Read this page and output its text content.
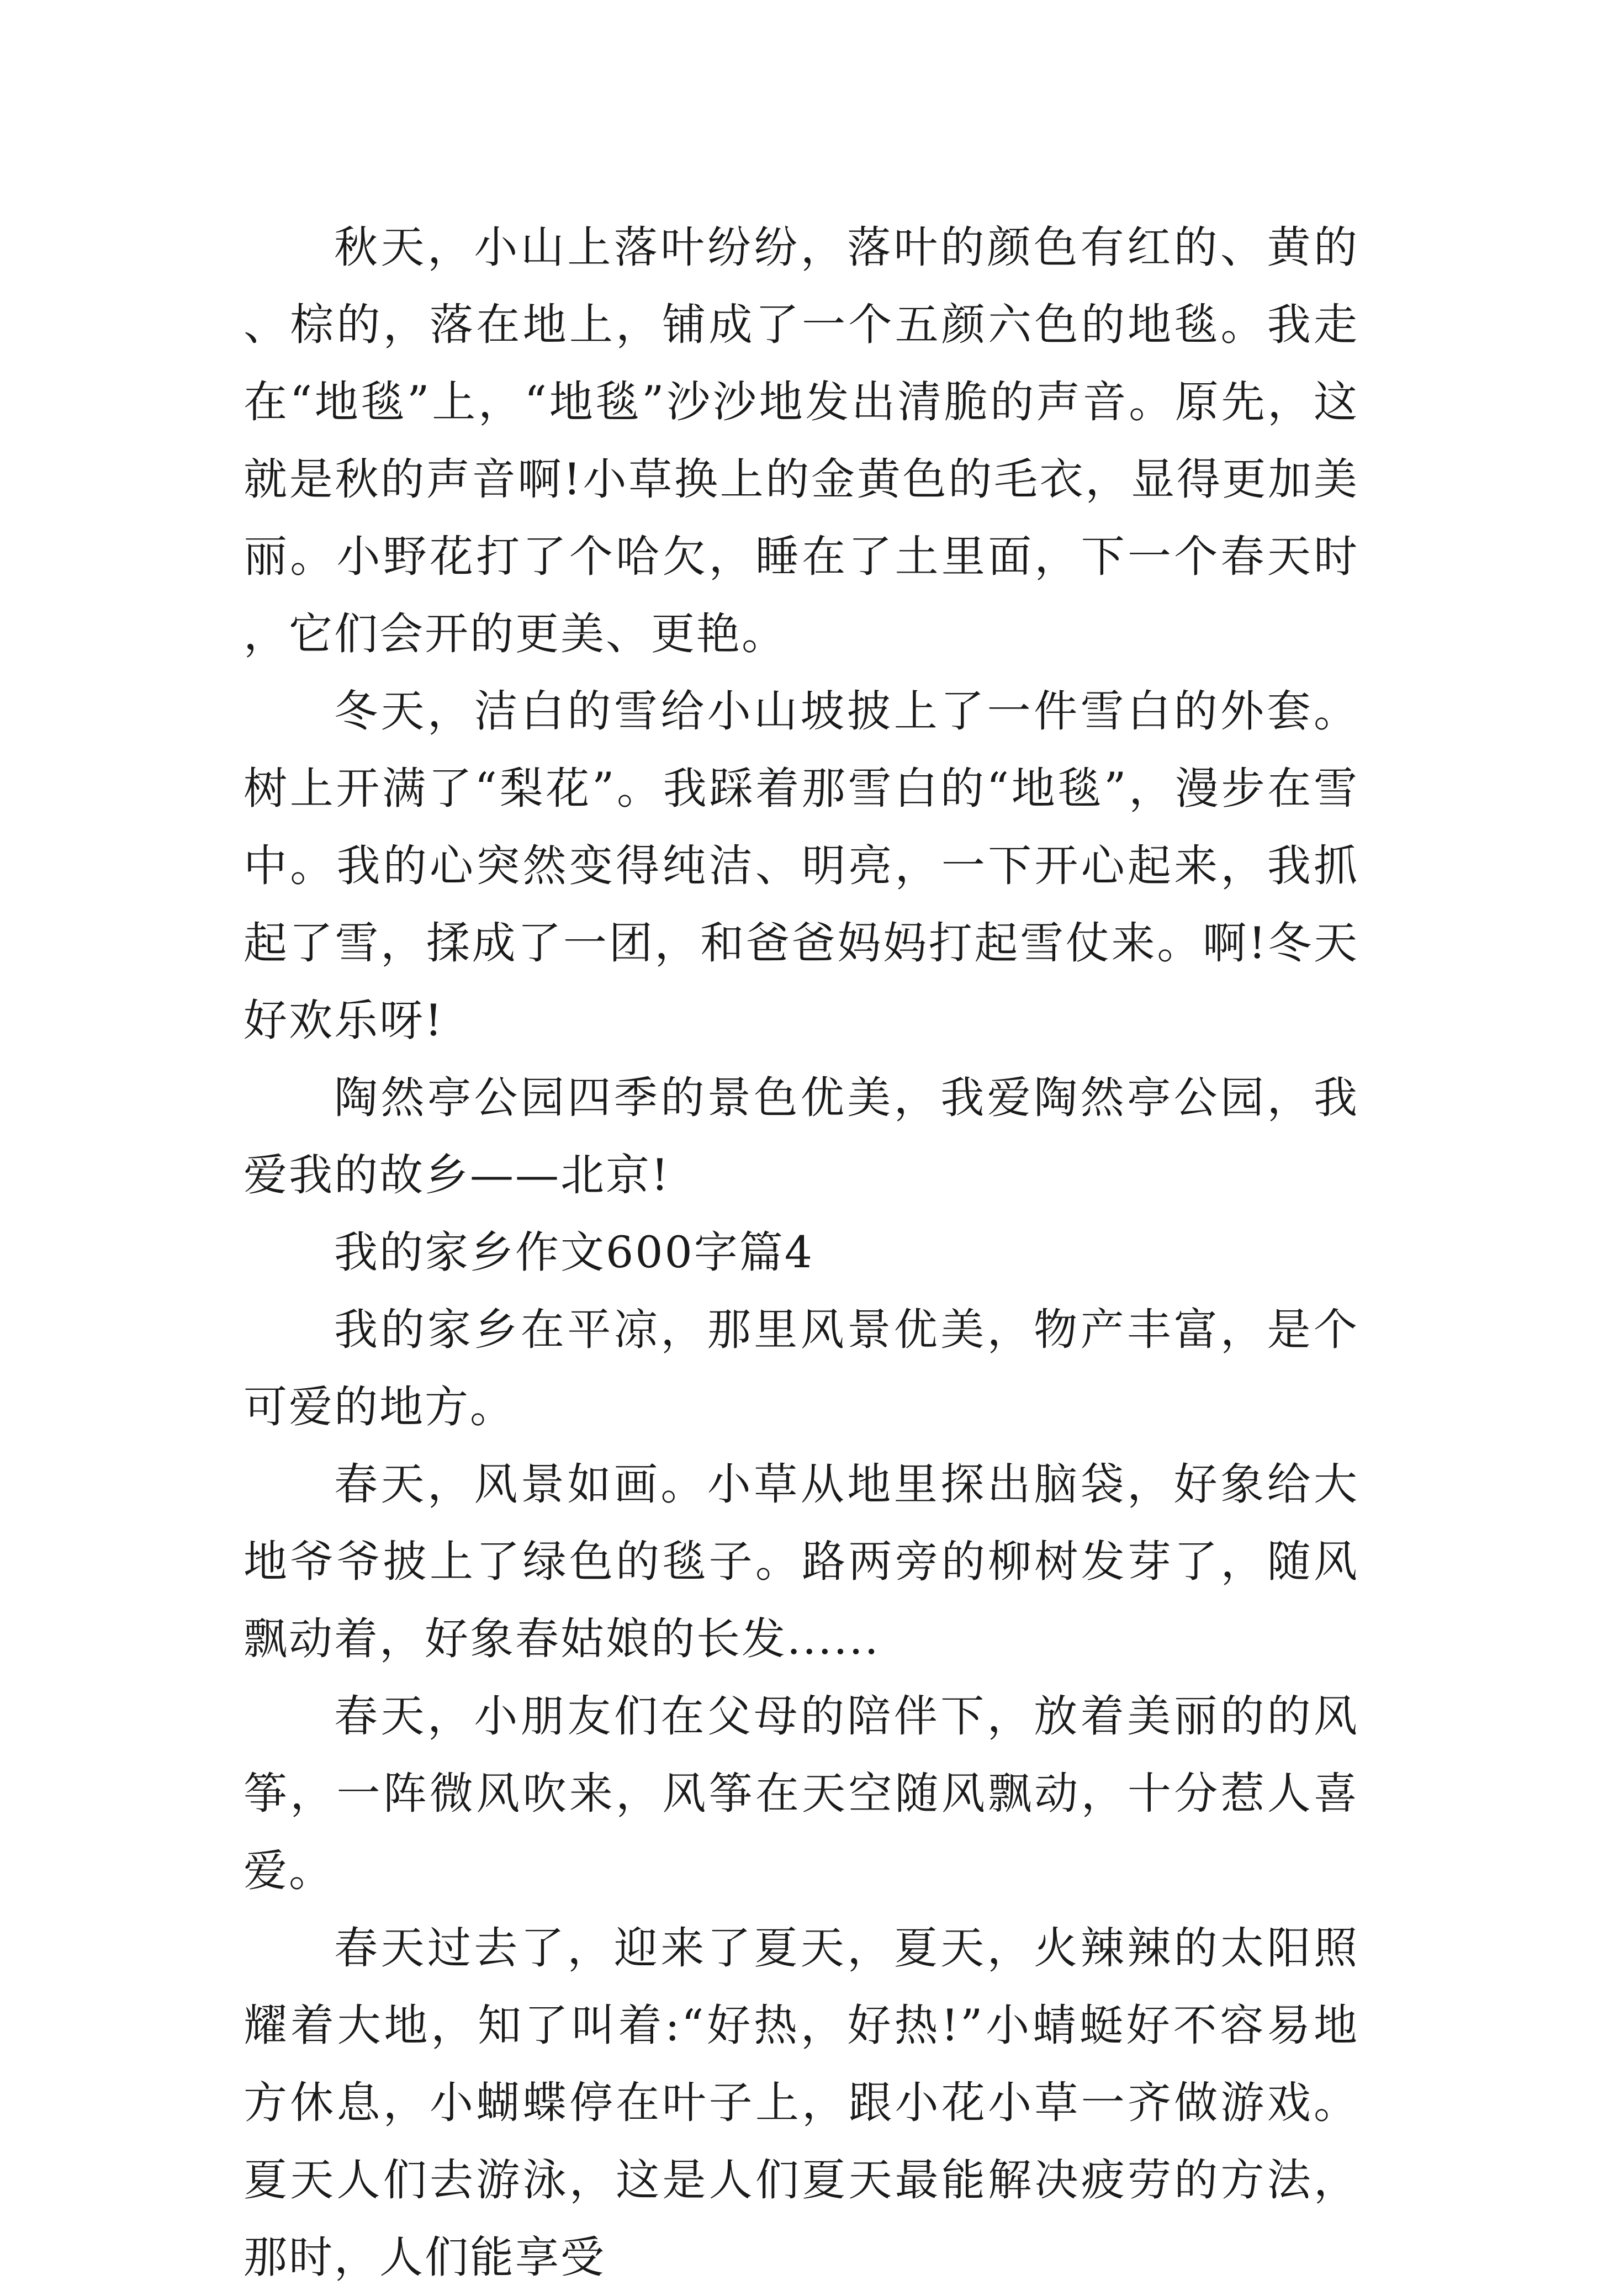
秋天，小山上落叶纷纷，落叶的颜色有红的、黄的、棕的，落在地上，铺成了一个五颜六色的地毯。我走在“地毯”上，“地毯”沙沙地发出清脆的声音。原先，这就是秋的声音啊!小草换上的金黄色的毛衣，显得更加美丽。小野花打了个哈欠，睡在了土里面，下一个春天时，它们会开的更美、更艳。

冬天，洁白的雪给小山坡披上了一件雪白的外套。树上开满了“梨花”。我踩着那雪白的“地毯”，漫步在雪中。我的心突然变得纯洁、明亮，一下开心起来，我抓起了雪，揉成了一团，和爸爸妈妈打起雪仗来。啊!冬天好欢乐呀!

陶然亭公园四季的景色优美，我爱陶然亭公园，我爱我的故乡——北京!

我的家乡作文600字篇4

我的家乡在平凉，那里风景优美，物产丰富，是个可爱的地方。

春天，风景如画。小草从地里探出脑袋，好象给大地爷爷披上了绿色的毯子。路两旁的柳树发芽了，随风飘动着，好象春姑娘的长发......

春天，小朋友们在父母的陪伴下，放着美丽的的风筝，一阵微风吹来，风筝在天空随风飘动，十分惹人喜爱。

春天过去了，迎来了夏天，夏天，火辣辣的太阳照耀着大地，知了叫着:“好热，好热!”小蜻蜓好不容易地方休息，小蝴蝶停在叶子上，跟小花小草一齐做游戏。夏天人们去游泳，这是人们夏天最能解决疲劳的方法，那时，人们能享受
